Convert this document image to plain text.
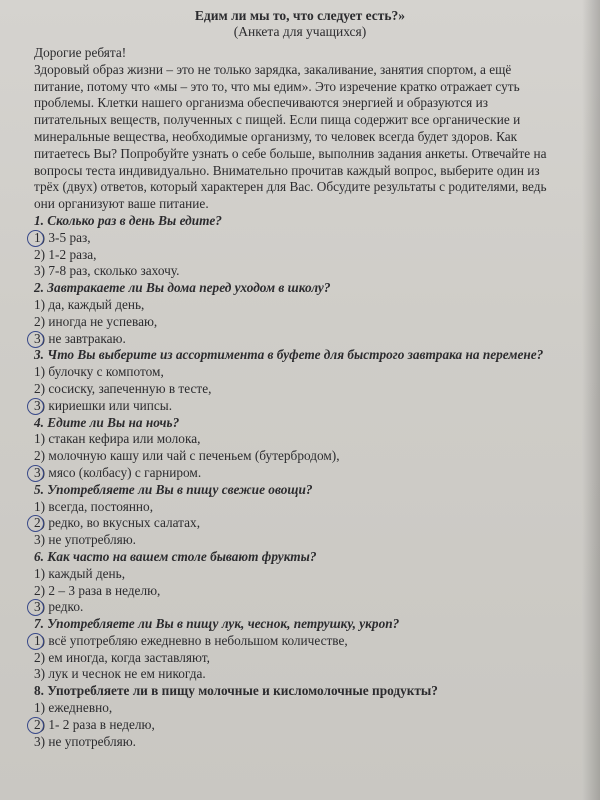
Едим ли мы то, что следует есть?»
(Анкета для учащихся)

Дорогие ребята!

Здоровый образ жизни – это не только зарядка, закаливание, занятия спортом, а ещё питание, потому что «мы – это то, что мы едим». Это изречение кратко отражает суть проблемы. Клетки нашего организма обеспечиваются энергией и образуются из питательных веществ, полученных с пищей. Если пища содержит все органические и минеральные вещества, необходимые организму, то человек всегда будет здоров. Как питаетесь Вы? Попробуйте узнать о себе больше, выполнив задания анкеты. Отвечайте на вопросы теста индивидуально. Внимательно прочитав каждый вопрос, выберите один из трёх (двух) ответов, который характерен для Вас. Обсудите результаты с родителями, ведь они организуют ваше питание.

1. Сколько раз в день Вы едите?

1) 3-5 раз,

2) 1-2 раза,

3) 7-8 раз, сколько захочу.

2. Завтракаете ли Вы дома перед уходом в школу?

1) да, каждый день,

2) иногда не успеваю,

3) не завтракаю.

3. Что Вы выберите из ассортимента в буфете для быстрого завтрака на перемене?

1) булочку с компотом,

2) сосиску, запеченную в тесте,

3) кириешки или чипсы.

4. Едите ли Вы на ночь?

1) стакан кефира или молока,

2) молочную кашу или чай с печеньем (бутербродом),

3) мясо (колбасу) с гарниром.

5. Употребляете ли Вы в пищу свежие овощи?

1) всегда, постоянно,

2) редко, во вкусных салатах,

3) не употребляю.

6. Как часто на вашем столе бывают фрукты?

1) каждый день,

2) 2 – 3 раза в неделю,

3) редко.

7. Употребляете ли Вы в пищу лук, чеснок, петрушку, укроп?

1) всё употребляю ежедневно в небольшом количестве,

2) ем иногда, когда заставляют,

3) лук и чеснок не ем никогда.

8. Употребляете ли в пищу молочные и кисломолочные продукты?

1) ежедневно,

2) 1- 2 раза в неделю,

3) не употребляю.
